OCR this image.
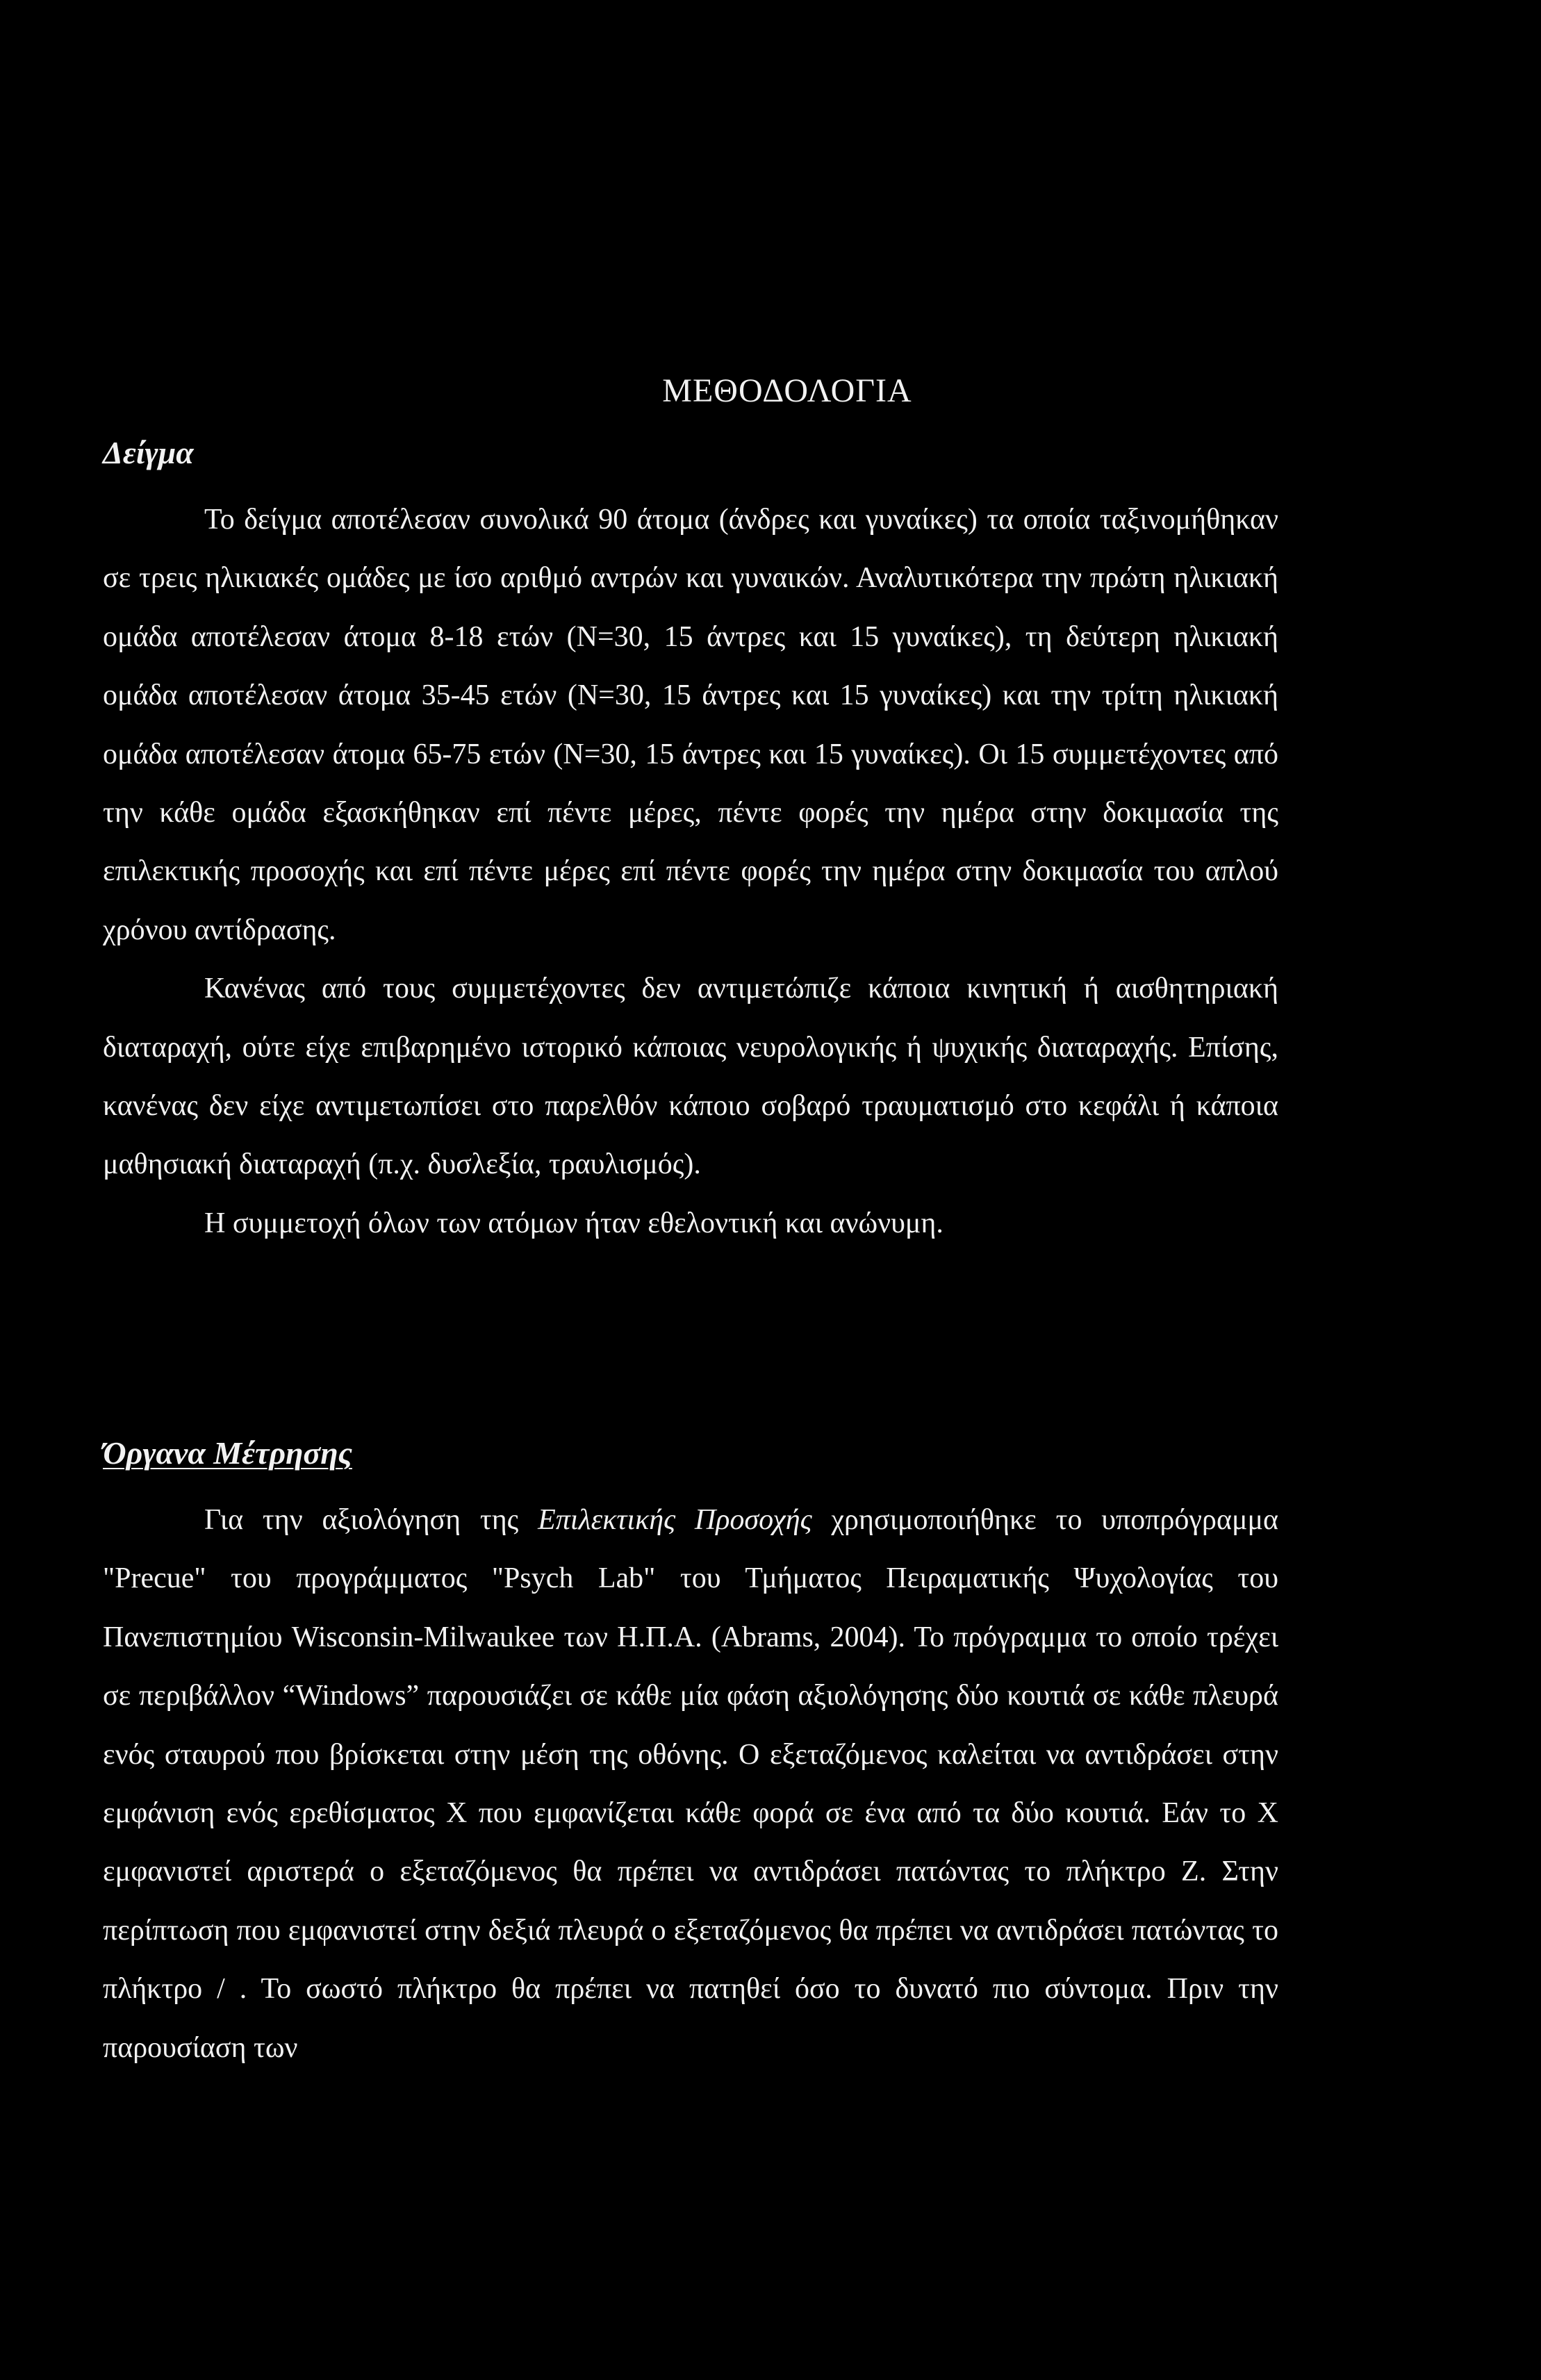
ΜΕΘΟΔΟΛΟΓΙΑ
Δείγμα

Το δείγμα αποτέλεσαν συνολικά 90 άτομα (άνδρες και γυναίκες) τα οποία ταξινομήθηκαν σε τρεις ηλικιακές ομάδες με ίσο αριθμό αντρών και γυναικών. Αναλυτικότερα την πρώτη ηλικιακή ομάδα αποτέλεσαν άτομα 8-18 ετών (Ν=30, 15 άντρες και 15 γυναίκες), τη δεύτερη ηλικιακή ομάδα αποτέλεσαν άτομα 35-45 ετών (Ν=30, 15 άντρες και 15 γυναίκες) και την τρίτη ηλικιακή ομάδα αποτέλεσαν άτομα 65-75 ετών (Ν=30, 15 άντρες και 15 γυναίκες). Οι 15 συμμετέχοντες από την κάθε ομάδα εξασκήθηκαν επί πέντε μέρες, πέντε φορές την ημέρα στην δοκιμασία της επιλεκτικής προσοχής και επί πέντε μέρες επί πέντε φορές την ημέρα στην δοκιμασία του απλού χρόνου αντίδρασης.

Κανένας από τους συμμετέχοντες δεν αντιμετώπιζε κάποια κινητική ή αισθητηριακή διαταραχή, ούτε είχε επιβαρημένο ιστορικό κάποιας νευρολογικής ή ψυχικής διαταραχής. Επίσης, κανένας δεν είχε αντιμετωπίσει στο παρελθόν κάποιο σοβαρό τραυματισμό στο κεφάλι ή κάποια μαθησιακή διαταραχή (π.χ. δυσλεξία, τραυλισμός).

Η συμμετοχή όλων των ατόμων ήταν εθελοντική και ανώνυμη.

Όργανα Μέτρησης

Για την αξιολόγηση της Επιλεκτικής Προσοχής χρησιμοποιήθηκε το υποπρόγραμμα "Precue" του προγράμματος "Psych Lab" του Τμήματος Πειραματικής Ψυχολογίας του Πανεπιστημίου Wisconsin-Milwaukee των Η.Π.Α. (Abrams, 2004). Το πρόγραμμα το οποίο τρέχει σε περιβάλλον “Windows” παρουσιάζει σε κάθε μία φάση αξιολόγησης δύο κουτιά σε κάθε πλευρά ενός σταυρού που βρίσκεται στην μέση της οθόνης. Ο εξεταζόμενος καλείται να αντιδράσει στην εμφάνιση ενός ερεθίσματος Χ που εμφανίζεται κάθε φορά σε ένα από τα δύο κουτιά. Εάν το Χ εμφανιστεί αριστερά ο εξεταζόμενος θα πρέπει να αντιδράσει πατώντας το πλήκτρο Ζ. Στην περίπτωση που εμφανιστεί στην δεξιά πλευρά ο εξεταζόμενος θα πρέπει να αντιδράσει πατώντας το πλήκτρο / . Το σωστό πλήκτρο θα πρέπει να πατηθεί όσο το δυνατό πιο σύντομα. Πριν την παρουσίαση των
